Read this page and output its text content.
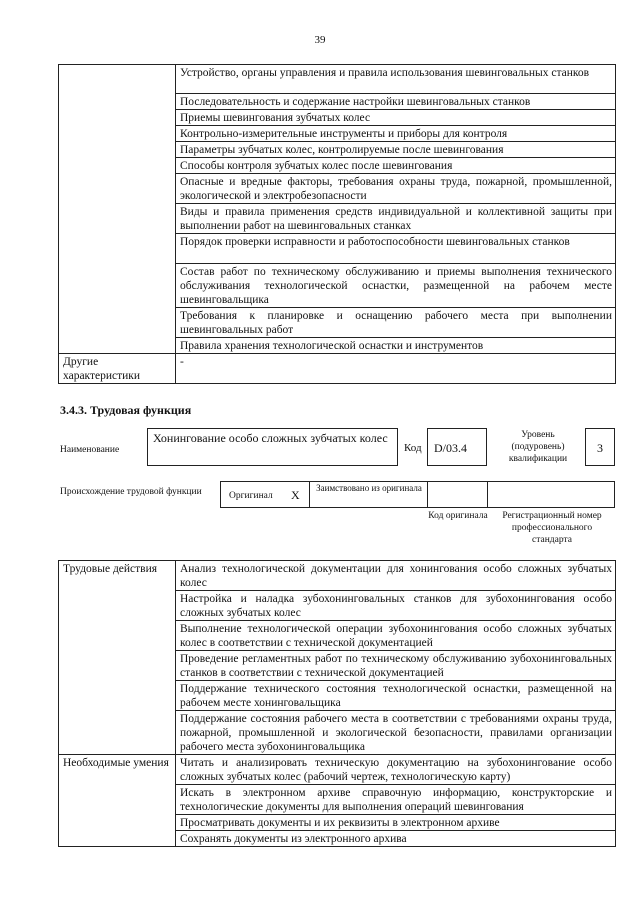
39
	Устройство, органы управления и правила использования шевинговальных станков
	Последовательность и содержание настройки шевинговальных станков
	Приемы шевингования зубчатых колес
	Контрольно-измерительные инструменты и приборы для контроля
	Параметры зубчатых колес, контролируемые после шевингования
	Способы контроля зубчатых колес после шевингования
	Опасные и вредные факторы, требования охраны труда, пожарной, промышленной, экологической и электробезопасности
	Виды и правила применения средств индивидуальной и коллективной защиты при выполнении работ на шевинговальных станках
	Порядок проверки исправности и работоспособности шевинговальных станков
	Состав работ по техническому обслуживанию и приемы выполнения технического обслуживания технологической оснастки, размещенной на рабочем месте шевинговальщика
	Требования к планировке и оснащению рабочего места при выполнении шевинговальных работ
	Правила хранения технологической оснастки и инструментов
Другие характеристики	-
3.4.3. Трудовая функция
Наименование
Хонингование особо сложных зубчатых колес
Код	D/03.4
Уровень (подуровень) квалификации
3
Происхождение трудовой функции	Оргигинал X Заимствовано из оригинала
Код оригинала	Регистрационный номер профессионального стандарта
Трудовые действия	Анализ технологической документации для хонингования особо сложных зубчатых колес
	Настройка и наладка зубохонинговальных станков для зубохонингования особо сложных зубчатых колес
	Выполнение технологической операции зубохонингования особо сложных зубчатых колес в соответствии с технической документацией
	Проведение регламентных работ по техническому обслуживанию зубохонинговальных станков в соответствии с технической документацией
	Поддержание технического состояния технологической оснастки, размещенной на рабочем месте хонинговальщика
	Поддержание состояния рабочего места в соответствии с требованиями охраны труда, пожарной, промышленной и экологической безопасности, правилами организации рабочего места зубохонинговальщика
Необходимые умения	Читать и анализировать техническую документацию на зубохонингование особо сложных зубчатых колес (рабочий чертеж, технологическую карту)
	Искать в электронном архиве справочную информацию, конструкторские и технологические документы для выполнения операций шевингования
	Просматривать документы и их реквизиты в электронном архиве
	Сохранять документы из электронного архива
